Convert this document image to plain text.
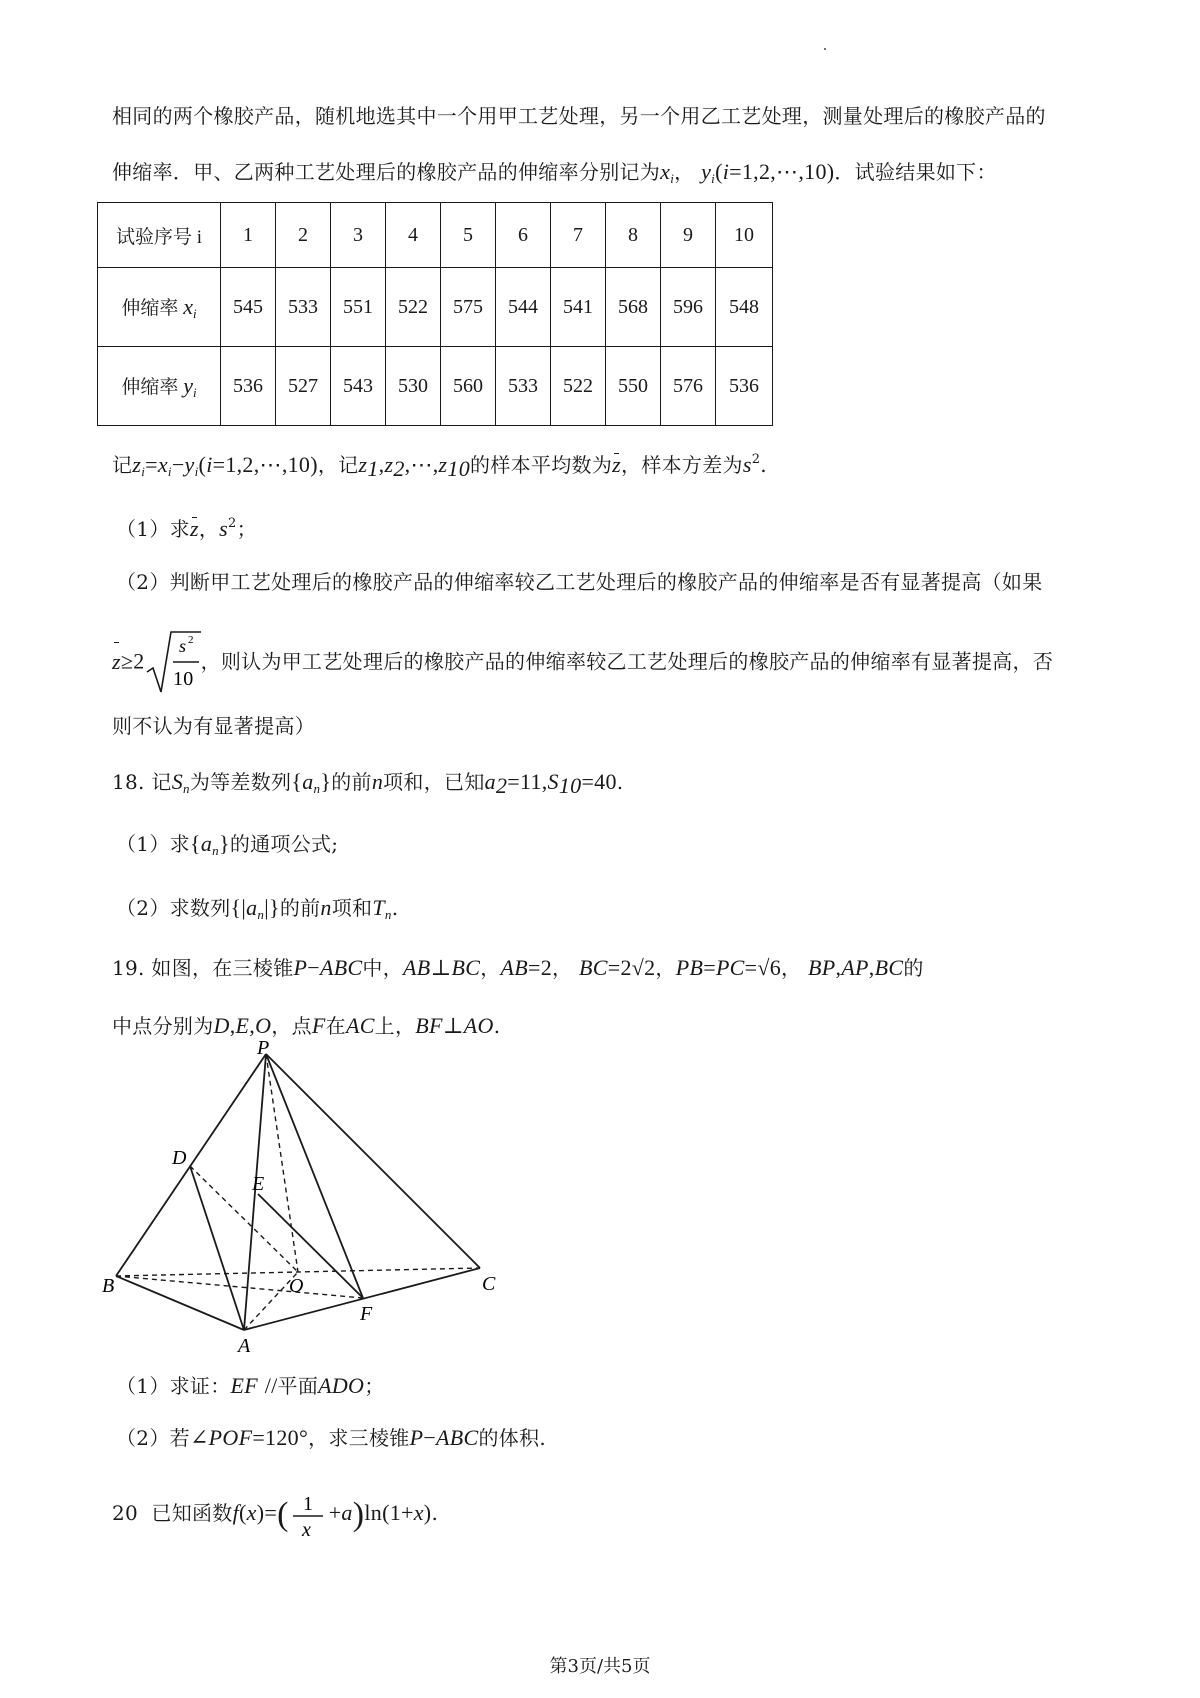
相同的两个橡胶产品，随机地选其中一个用甲工艺处理，另一个用乙工艺处理，测量处理后的橡胶产品的
伸缩率．甲、乙两种工艺处理后的橡胶产品的伸缩率分别记为$x_i$， $y_i(i=1,2,\cdots,10)$．试验结果如下：
试验序号 i	1	2	3	4	5	6	7	8	9	10
伸缩率 $x_i$	545	533	551	522	575	544	541	568	596	548
伸缩率 $y_i$	536	527	543	530	560	533	522	550	576	536
记$z_i=x_i-y_i(i=1,2,\cdots,10)$，记$z_1,z_2,\cdots,z_{10}$的样本平均数为z，样本方差为$s^2$.
（1）求z，$s^2$；
（2）判断甲工艺处理后的橡胶产品的伸缩率较乙工艺处理后的橡胶产品的伸缩率是否有显著提高（如果
z≥2
s 2
10
，则认为甲工艺处理后的橡胶产品的伸缩率较乙工艺处理后的橡胶产品的伸缩率有显著提高，否
则不认为有显著提高）
18. 记$S_n$为等差数列$\{a_n\}$的前n项和，已知$a_2=11,S_{10}=40$.
（1）求$\{a_n\}$的通项公式;
（2）求数列$\{|a_n|\}$的前n项和$T_n$.
19. 如图，在三棱锥P−ABC中，AB⊥BC，AB=2， BC=2√2，PB=PC=√6， BP,AP,BC的
中点分别为D,E,O，点F在AC上，BF⊥AO.
P
D
E
B	O	C
F
A
（1）求证：EF //平面ADO；
（2）若∠POF=120°，求三棱锥P−ABC的体积.
20 已知函数f(x)=( 1
x
+a)ln(1+x).
第3页/共5页
